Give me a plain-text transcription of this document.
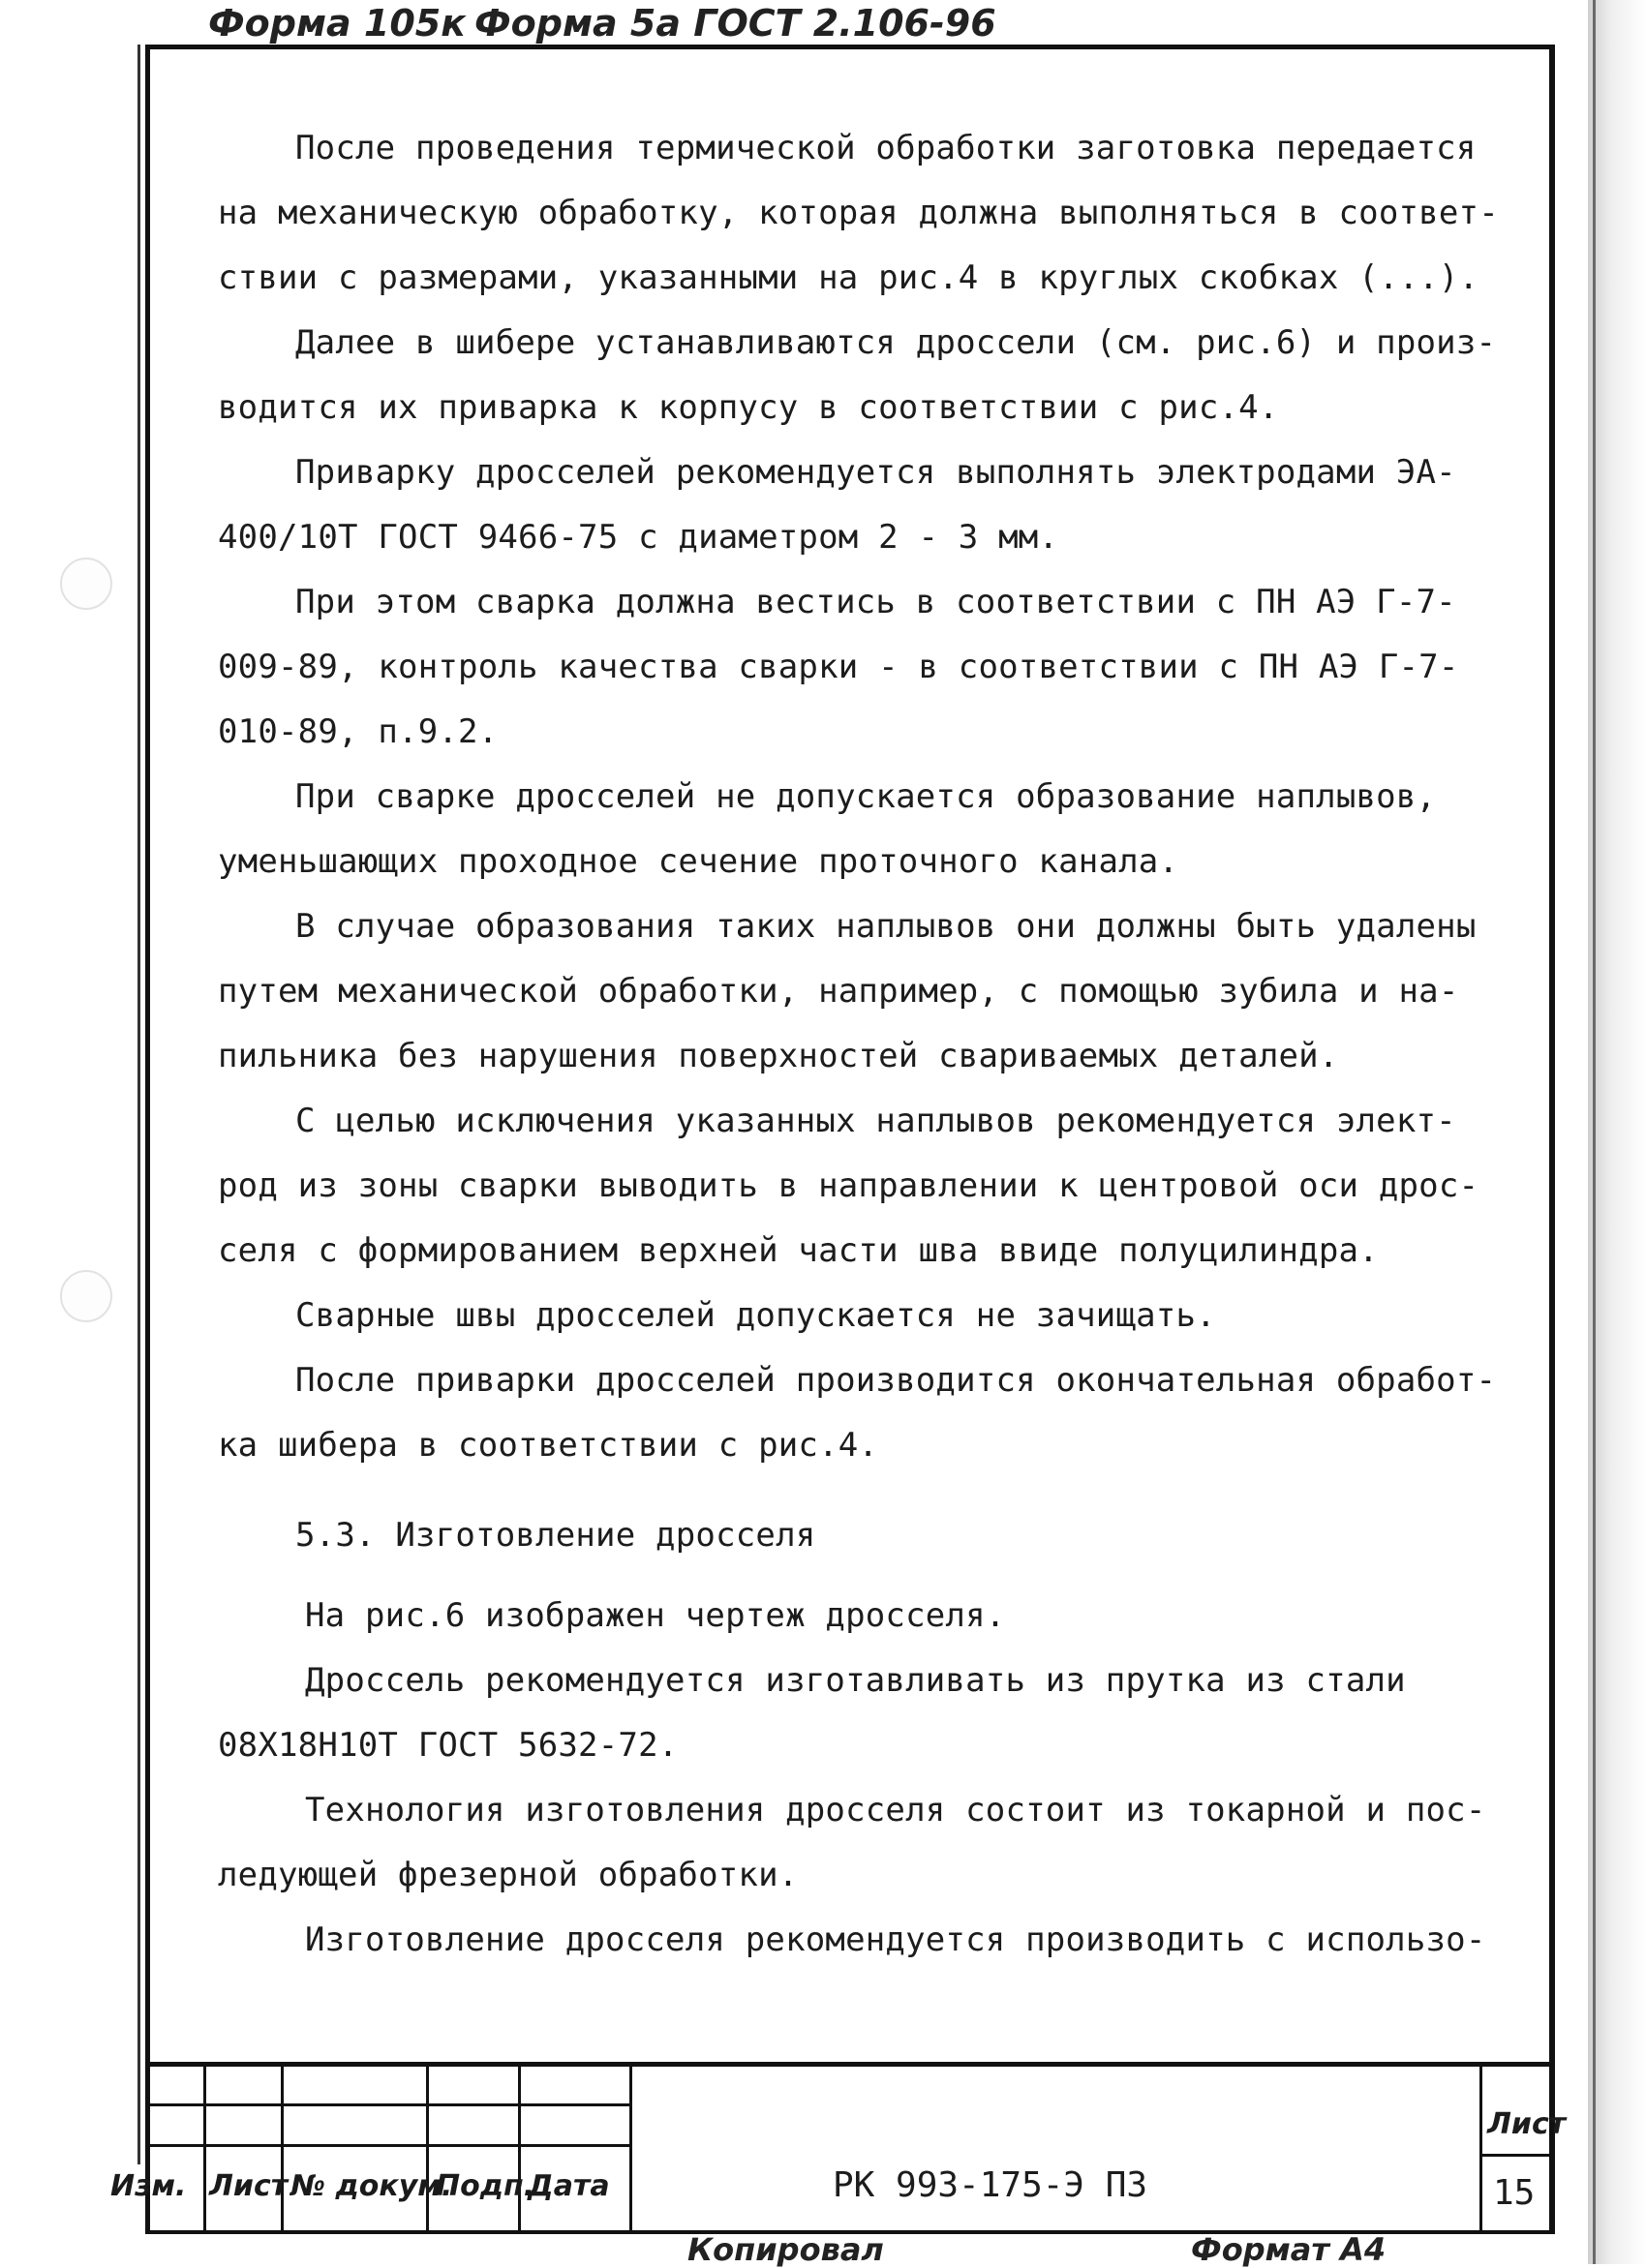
Форма 105к Форма 5а ГОСТ 2.106-96
После проведения термической обработки заготовка передается
на механическую обработку, которая должна выполняться в соответ-
ствии с размерами, указанными на рис.4 в круглых скобках (...).
Далее в шибере устанавливаются дроссели (см. рис.6) и произ-
водится их приварка к корпусу в соответствии с рис.4.
Приварку дросселей рекомендуется выполнять электродами ЭА-
400/10Т ГОСТ 9466-75 с диаметром 2 - 3 мм.
При этом сварка должна вестись в соответствии с ПН АЭ Г-7-
009-89, контроль качества сварки - в соответствии с ПН АЭ Г-7-
010-89, п.9.2.
При сварке дросселей не допускается образование наплывов,
уменьшающих проходное сечение проточного канала.
В случае образования таких наплывов они должны быть удалены
путем механической обработки, например, с помощью зубила и на-
пильника без нарушения поверхностей свариваемых деталей.
С целью исключения указанных наплывов рекомендуется элект-
род из зоны сварки выводить в направлении к центровой оси дрос-
селя с формированием верхней части шва ввиде полуцилиндра.
Сварные швы дросселей допускается не зачищать.
После приварки дросселей производится окончательная обработ-
ка шибера в соответствии с рис.4.
5.3. Изготовление дросселя
На рис.6 изображен чертеж дросселя.
Дроссель рекомендуется изготавливать из прутка из стали
08Х18Н10Т ГОСТ 5632-72.
Технология изготовления дросселя состоит из токарной и пос-
ледующей фрезерной обработки.
Изготовление дросселя рекомендуется производить с использо-
Изм. Лист № докум.
Подп.
Дата	РК 993-175-Э ПЗ
Лист
15
Копировал	Формат А4
